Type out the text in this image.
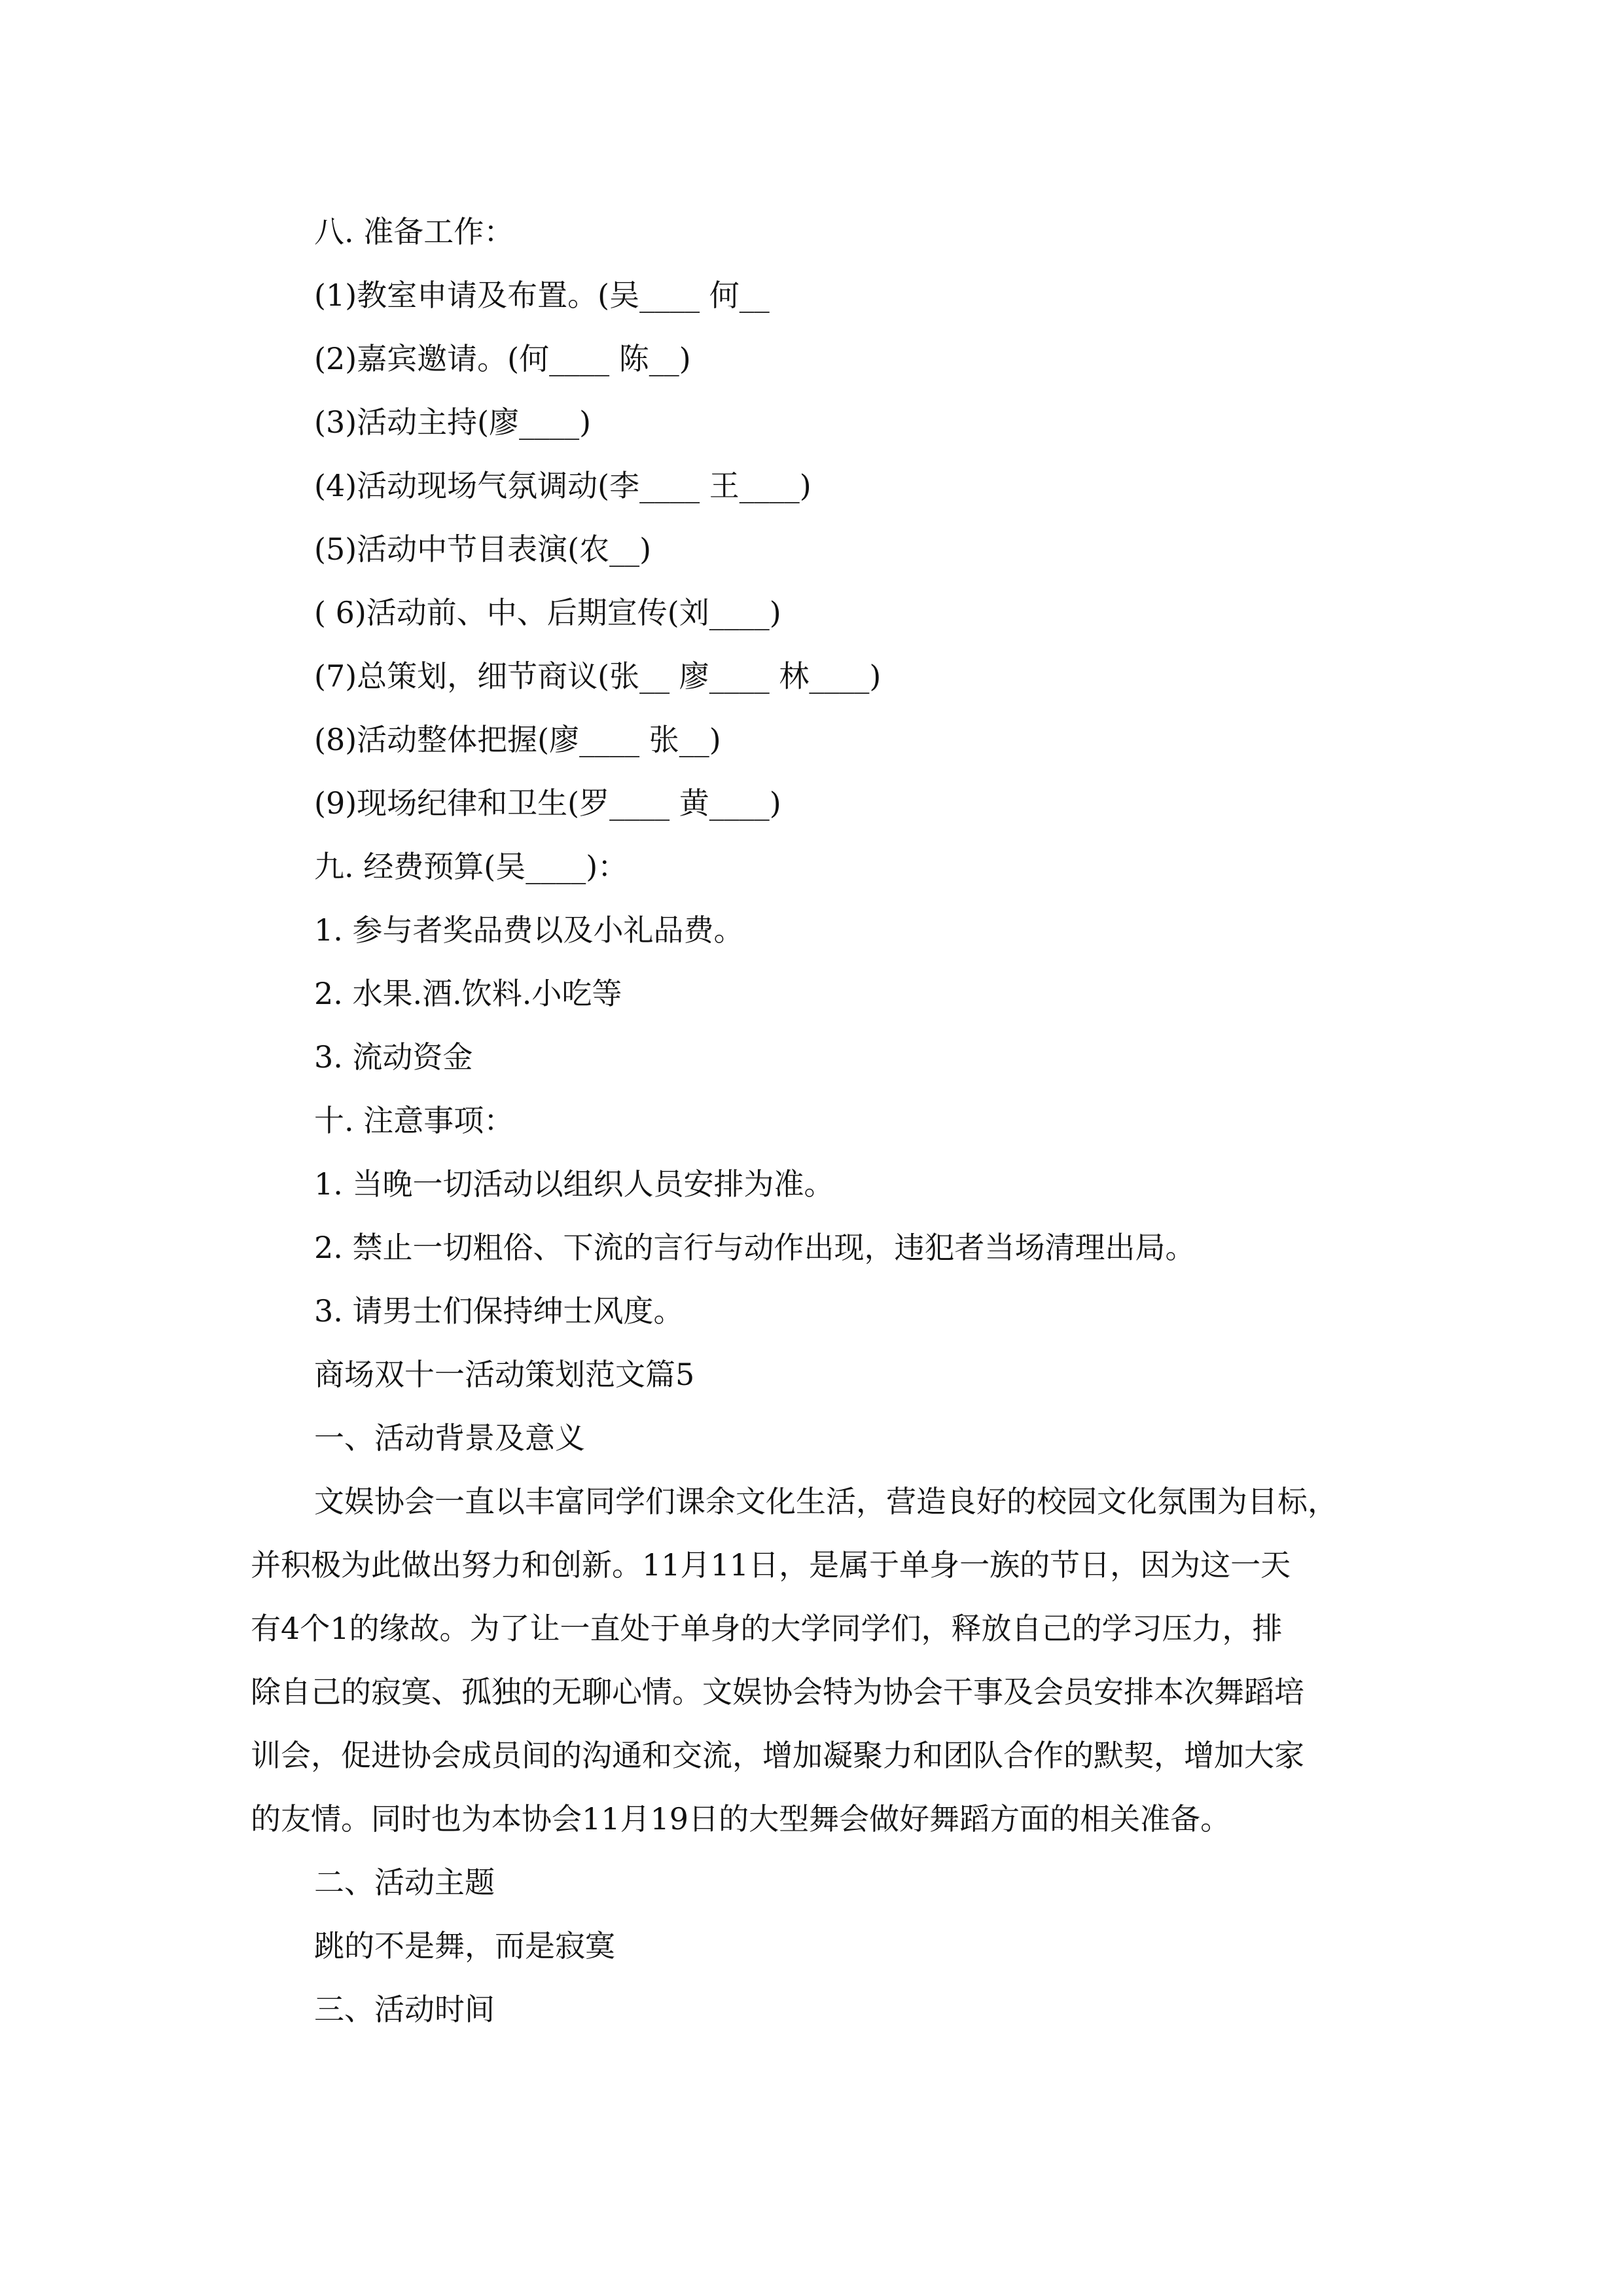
八. 准备工作：

(1)教室申请及布置。(吴____ 何__

(2)嘉宾邀请。(何____ 陈__)

(3)活动主持(廖____)

(4)活动现场气氛调动(李____ 王____)

(5)活动中节目表演(农__)

( 6)活动前、中、后期宣传(刘____)

(7)总策划，细节商议(张__ 廖____ 林____)

(8)活动整体把握(廖____ 张__)

(9)现场纪律和卫生(罗____ 黄____)

九. 经费预算(吴____)：

1. 参与者奖品费以及小礼品费。

2. 水果.酒.饮料.小吃等

3. 流动资金

十. 注意事项：

1. 当晚一切活动以组织人员安排为准。

2. 禁止一切粗俗、下流的言行与动作出现，违犯者当场清理出局。

3. 请男士们保持绅士风度。

商场双十一活动策划范文篇5

一、活动背景及意义

文娱协会一直以丰富同学们课余文化生活，营造良好的校园文化氛围为目标，

并积极为此做出努力和创新。11月11日，是属于单身一族的节日，因为这一天

有4个1的缘故。为了让一直处于单身的大学同学们，释放自己的学习压力，排

除自己的寂寞、孤独的无聊心情。文娱协会特为协会干事及会员安排本次舞蹈培

训会，促进协会成员间的沟通和交流，增加凝聚力和团队合作的默契，增加大家

的友情。同时也为本协会11月19日的大型舞会做好舞蹈方面的相关准备。

二、活动主题

跳的不是舞，而是寂寞

三、活动时间
